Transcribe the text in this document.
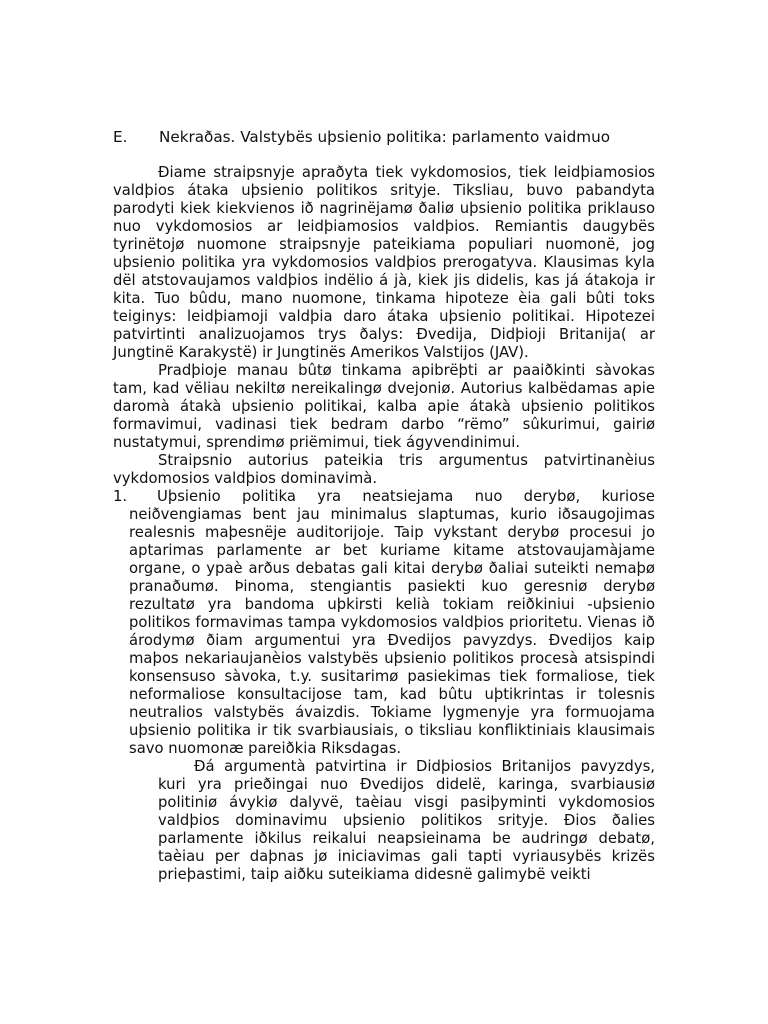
E. Nekraðas. Valstybës uþsienio politika: parlamento vaidmuo

Ðiame straipsnyje apraðyta tiek vykdomosios, tiek leidþiamosios valdþios átaka uþsienio politikos srityje. Tiksliau, buvo pabandyta parodyti kiek kiekvienos ið nagrinëjamø ðaliø uþsienio politika priklauso nuo vykdomosios ar leidþiamosios valdþios. Remiantis daugybës tyrinëtojø nuomone straipsnyje pateikiama populiari nuomonë, jog uþsienio politika yra vykdomosios valdþios prerogatyva. Klausimas kyla dël atstovaujamos valdþios indëlio á jà, kiek jis didelis, kas já átakoja ir kita. Tuo bûdu, mano nuomone, tinkama hipoteze èia gali bûti toks teiginys: leidþiamoji valdþia daro átaka uþsienio politikai. Hipotezei patvirtinti analizuojamos trys ðalys: Ðvedija, Didþioji Britanija( ar Jungtinë Karakystë) ir Jungtinës Amerikos Valstijos (JAV).

Pradþioje manau bûtø tinkama apibrëþti ar paaiðkinti sàvokas tam, kad vëliau nekiltø nereikalingø dvejoniø. Autorius kalbëdamas apie daromà átakà uþsienio politikai, kalba apie átakà uþsienio politikos formavimui, vadinasi tiek bedram darbo “rëmo” sûkurimui, gairiø nustatymui, sprendimø priëmimui, tiek ágyvendinimui.

Straipsnio autorius pateikia tris argumentus patvirtinanèius vykdomosios valdþios dominavimà.

1. Uþsienio politika yra neatsiejama nuo derybø, kuriose neiðvengiamas bent jau minimalus slaptumas, kurio iðsaugojimas realesnis maþesnëje auditorijoje. Taip vykstant derybø procesui jo aptarimas parlamente ar bet kuriame kitame atstovaujamàjame organe, o ypaè arðus debatas gali kitai derybø ðaliai suteikti nemaþø pranaðumø. Þinoma, stengiantis pasiekti kuo geresniø derybø rezultatø yra bandoma uþkirsti kelià tokiam reiðkiniui -uþsienio politikos formavimas tampa vykdomosios valdþios prioritetu. Vienas ið árodymø ðiam argumentui yra Ðvedijos pavyzdys. Ðvedijos kaip maþos nekariaujanèios valstybës uþsienio politikos procesà atsispindi konsensuso sàvoka, t.y. susitarimø pasiekimas tiek formaliose, tiek neformaliose konsultacijose tam, kad bûtu uþtikrintas ir tolesnis neutralios valstybës ávaizdis. Tokiame lygmenyje yra formuojama uþsienio politika ir tik svarbiausiais, o tiksliau konfliktiniais klausimais savo nuomonæ pareiðkia Riksdagas.

Ðá argumentà patvirtina ir Didþiosios Britanijos pavyzdys, kuri yra prieðingai nuo Ðvedijos didelë, karinga, svarbiausiø politiniø ávykiø dalyvë, taèiau visgi pasiþyminti vykdomosios valdþios dominavimu uþsienio politikos srityje. Ðios ðalies parlamente iðkilus reikalui neapsieinama be audringø debatø, taèiau per daþnas jø iniciavimas gali tapti vyriausybës krizës prieþastimi, taip aiðku suteikiama didesnë galimybë veikti
